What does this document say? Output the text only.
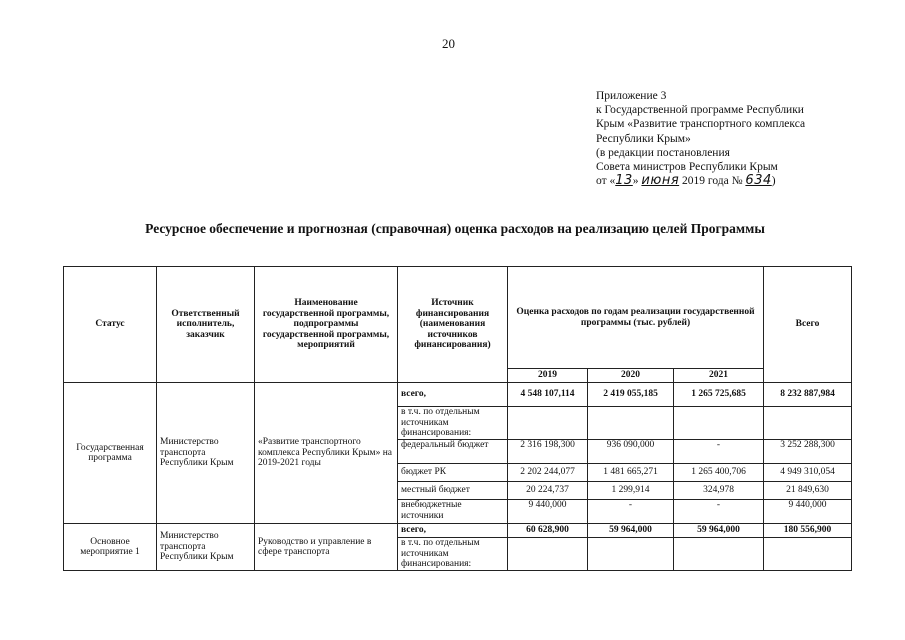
20
Приложение 3
к Государственной программе Республики
Крым «Развитие транспортного комплекса
Республики Крым»
(в редакции постановления
Совета министров Республики Крым
от «13» июня 2019 года № 634)
Ресурсное обеспечение и прогнозная (справочная) оценка расходов на реализацию целей Программы
Статус	Ответственный исполнитель, заказчик	Наименование государственной программы, подпрограммы государственной программы, мероприятий	Источник финансирования (наименования источников финансирования)	Оценка расходов по годам реализации государственной программы (тыс. рублей)			Всего
				2019	2020	2021	
Государственная программа	Министерство транспорта Республики Крым	«Развитие транспортного комплекса Республики Крым» на 2019-2021 годы	всего,	4 548 107,114	2 419 055,185	1 265 725,685	8 232 887,984
			в т.ч. по отдельным источникам финансирования:				
			федеральный бюджет	2 316 198,300	936 090,000	-	3 252 288,300
			бюджет РК	2 202 244,077	1 481 665,271	1 265 400,706	4 949 310,054
			местный бюджет	20 224,737	1 299,914	324,978	21 849,630
			внебюджетные источники	9 440,000	-	-	9 440,000
Основное мероприятие 1	Министерство транспорта Республики Крым	Руководство и управление в сфере транспорта	всего,	60 628,900	59 964,000	59 964,000	180 556,900
			в т.ч. по отдельным источникам финансирования:				
